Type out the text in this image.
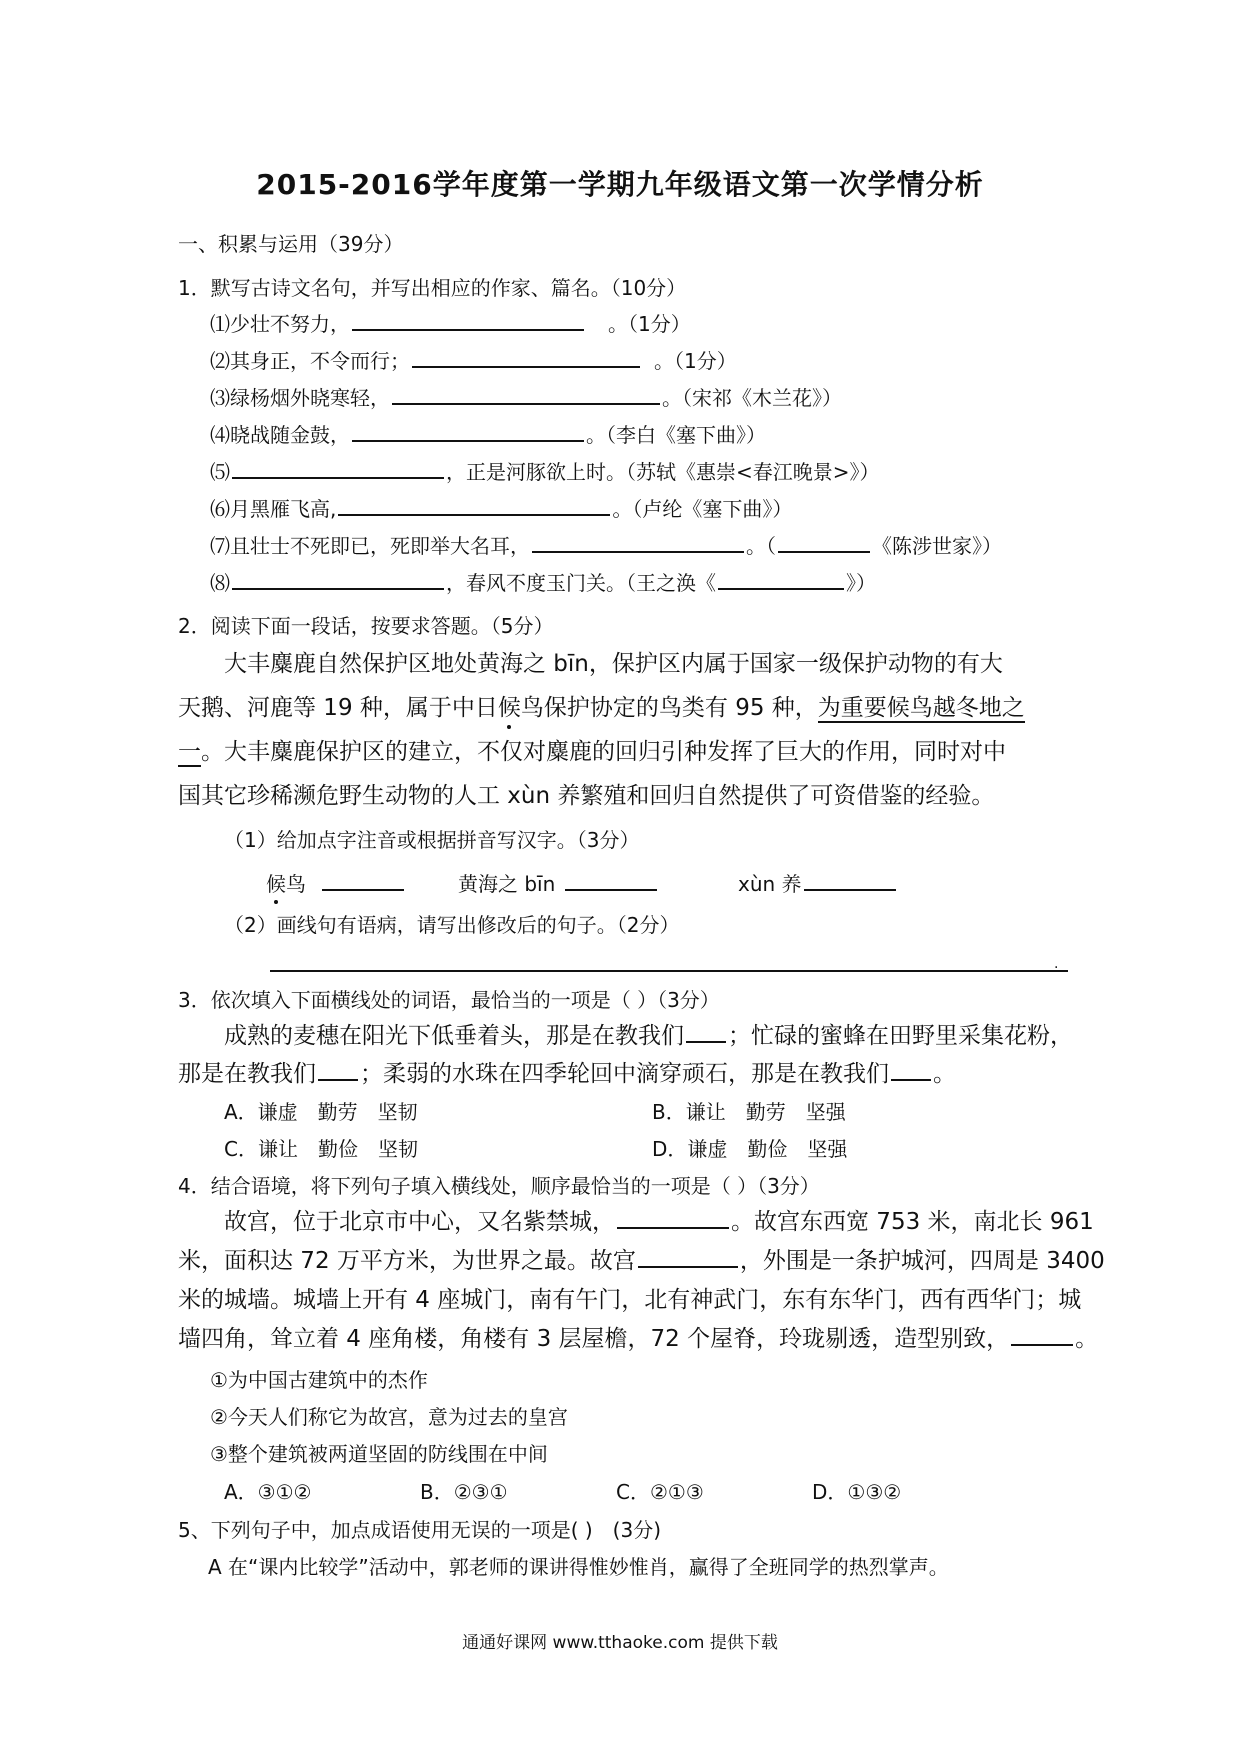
2015-2016学年度第一学期九年级语文第一次学情分析
一、积累与运用（39分）
1．默写古诗文名句，并写出相应的作家、篇名。（10分）
⑴少壮不努力，	。（1分）
⑵其身正，不令而行；	。（1分）
⑶绿杨烟外晓寒轻，	。（宋祁《木兰花》）
⑷晓战随金鼓，	。（李白《塞下曲》）
⑸	，正是河豚欲上时。（苏轼《惠崇<春江晚景>》）
⑹月黑雁飞高,	。（卢纶《塞下曲》）
⑺且壮士不死即已，死即举大名耳，	。（	《陈涉世家》）
⑻	，春风不度玉门关。（王之涣《	》）
2．阅读下面一段话，按要求答题。（5分）
大丰麋鹿自然保护区地处黄海之 bīn，保护区内属于国家一级保护动物的有大
天鹅、河鹿等 19 种，属于中日候鸟保护协定的鸟类有 95 种，为重要候鸟越冬地之
一。大丰麋鹿保护区的建立，不仅对麋鹿的回归引种发挥了巨大的作用，同时对中
国其它珍稀濒危野生动物的人工 xùn 养繁殖和回归自然提供了可资借鉴的经验。
（1）给加点字注音或根据拼音写汉字。（3分）
候鸟	黄海之 bīn	xùn 养
（2）画线句有语病，请写出修改后的句子。（2分）
.
3．依次填入下面横线处的词语，最恰当的一项是（ ）（3分）
成熟的麦穗在阳光下低垂着头，那是在教我们 ；忙碌的蜜蜂在田野里采集花粉，
那是在教我们 ；柔弱的水珠在四季轮回中滴穿顽石，那是在教我们 。
A．谦虚　勤劳　坚韧	B．谦让　勤劳　坚强
C．谦让　勤俭　坚韧	D．谦虚　勤俭　坚强
4．结合语境，将下列句子填入横线处，顺序最恰当的一项是（ ）（3分）
故宫，位于北京市中心，又名紫禁城，	。故宫东西宽 753 米，南北长 961
米，面积达 72 万平方米，为世界之最。故宫	，外围是一条护城河，四周是 3400
米的城墙。城墙上开有 4 座城门，南有午门，北有神武门，东有东华门，西有西华门；城
墙四角，耸立着 4 座角楼，角楼有 3 层屋檐，72 个屋脊，玲珑剔透，造型别致，	。
①为中国古建筑中的杰作
②今天人们称它为故宫，意为过去的皇宫
③整个建筑被两道坚固的防线围在中间
A．③①②	B．②③①	C．②①③	D．①③②
5、下列句子中，加点成语使用无误的一项是( )　(3分)
A 在“课内比较学”活动中，郭老师的课讲得惟妙惟肖，赢得了全班同学的热烈掌声。
通通好课网 www.tthaoke.com 提供下载
